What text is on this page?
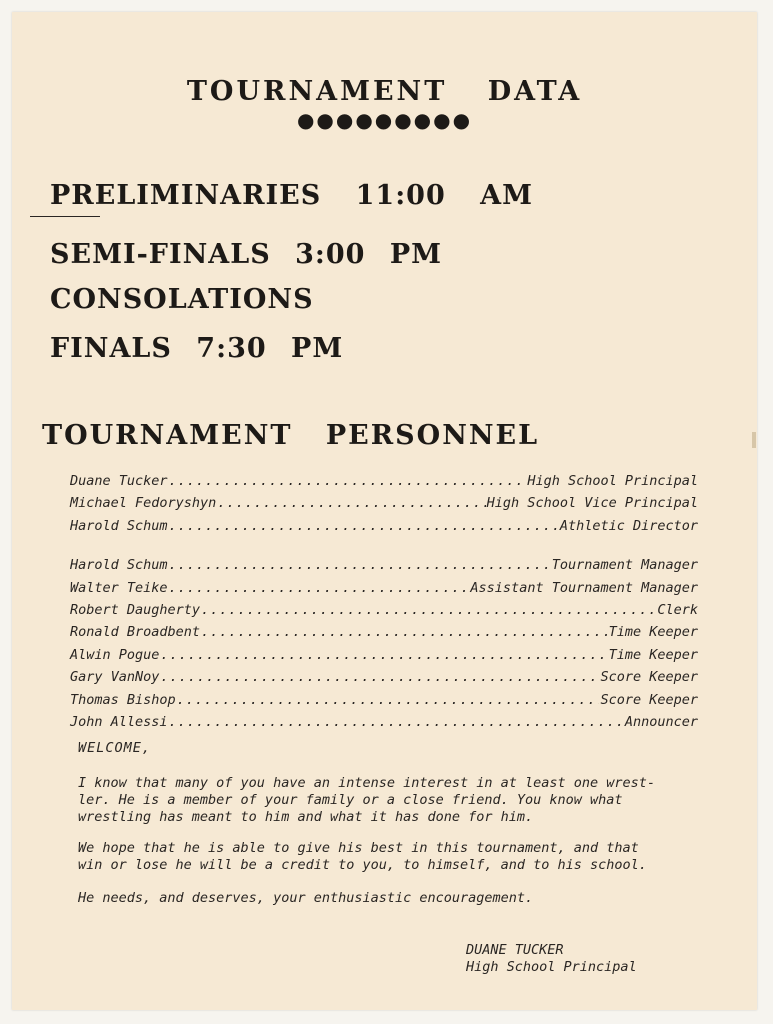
TOURNAMENT DATA
●●●●●●●●●
PRELIMINARIES 11:00 AM
SEMI-FINALS 3:00 PM
CONSOLATIONS
FINALS 7:30 PM
TOURNAMENT PERSONNEL
Duane Tucker .....	High School Principal
Michael Fedoryshyn .....	High School Vice Principal
Harold Schum .....	Athletic Director
Harold Schum .....	Tournament Manager
Walter Teike .....	Assistant Tournament Manager
Robert Daugherty .....	Clerk
Ronald Broadbent .....	Time Keeper
Alwin Pogue .....	Time Keeper
Gary VanNoy .....	Score Keeper
Thomas Bishop .....	Score Keeper
John Allessi .....	Announcer
WELCOME,
I know that many of you have an intense interest in at least one wrest-
ler. He is a member of your family or a close friend. You know what
wrestling has meant to him and what it has done for him.
We hope that he is able to give his best in this tournament, and that
win or lose he will be a credit to you, to himself, and to his school.
He needs, and deserves, your enthusiastic encouragement.
DUANE TUCKER
High School Principal
